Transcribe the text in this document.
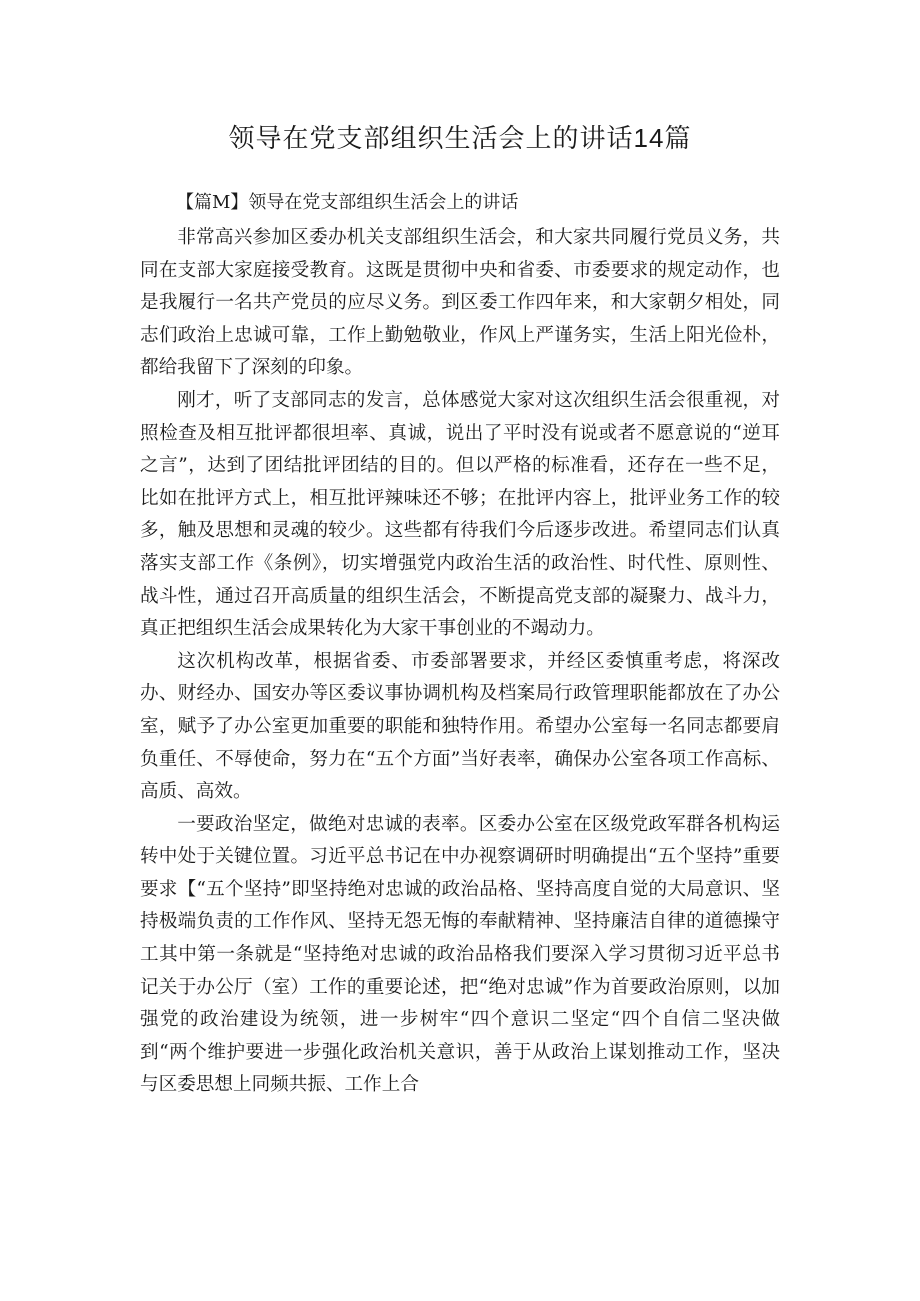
领导在党支部组织生活会上的讲话14篇
【篇M】领导在党支部组织生活会上的讲话

非常高兴参加区委办机关支部组织生活会，和大家共同履行党员义务，共同在支部大家庭接受教育。这既是贯彻中央和省委、市委要求的规定动作，也是我履行一名共产党员的应尽义务。到区委工作四年来，和大家朝夕相处，同志们政治上忠诚可靠，工作上勤勉敬业，作风上严谨务实，生活上阳光俭朴，都给我留下了深刻的印象。

刚才，听了支部同志的发言，总体感觉大家对这次组织生活会很重视，对照检查及相互批评都很坦率、真诚，说出了平时没有说或者不愿意说的“逆耳之言”，达到了团结批评团结的目的。但以严格的标准看，还存在一些不足，比如在批评方式上，相互批评辣味还不够；在批评内容上，批评业务工作的较多，触及思想和灵魂的较少。这些都有待我们今后逐步改进。希望同志们认真落实支部工作《条例》，切实增强党内政治生活的政治性、时代性、原则性、战斗性，通过召开高质量的组织生活会，不断提高党支部的凝聚力、战斗力，真正把组织生活会成果转化为大家干事创业的不竭动力。

这次机构改革，根据省委、市委部署要求，并经区委慎重考虑，将深改办、财经办、国安办等区委议事协调机构及档案局行政管理职能都放在了办公室，赋予了办公室更加重要的职能和独特作用。希望办公室每一名同志都要肩负重任、不辱使命，努力在“五个方面”当好表率，确保办公室各项工作高标、高质、高效。

一要政治坚定，做绝对忠诚的表率。区委办公室在区级党政军群各机构运转中处于关键位置。习近平总书记在中办视察调研时明确提出“五个坚持”重要要求【“五个坚持”即坚持绝对忠诚的政治品格、坚持高度自觉的大局意识、坚持极端负责的工作作风、坚持无怨无悔的奉献精神、坚持廉洁自律的道德操守工其中第一条就是“坚持绝对忠诚的政治品格我们要深入学习贯彻习近平总书记关于办公厅（室）工作的重要论述，把“绝对忠诚”作为首要政治原则，以加强党的政治建设为统领，进一步树牢“四个意识二坚定“四个自信二坚决做到“两个维护要进一步强化政治机关意识，善于从政治上谋划推动工作，坚决与区委思想上同频共振、工作上合
